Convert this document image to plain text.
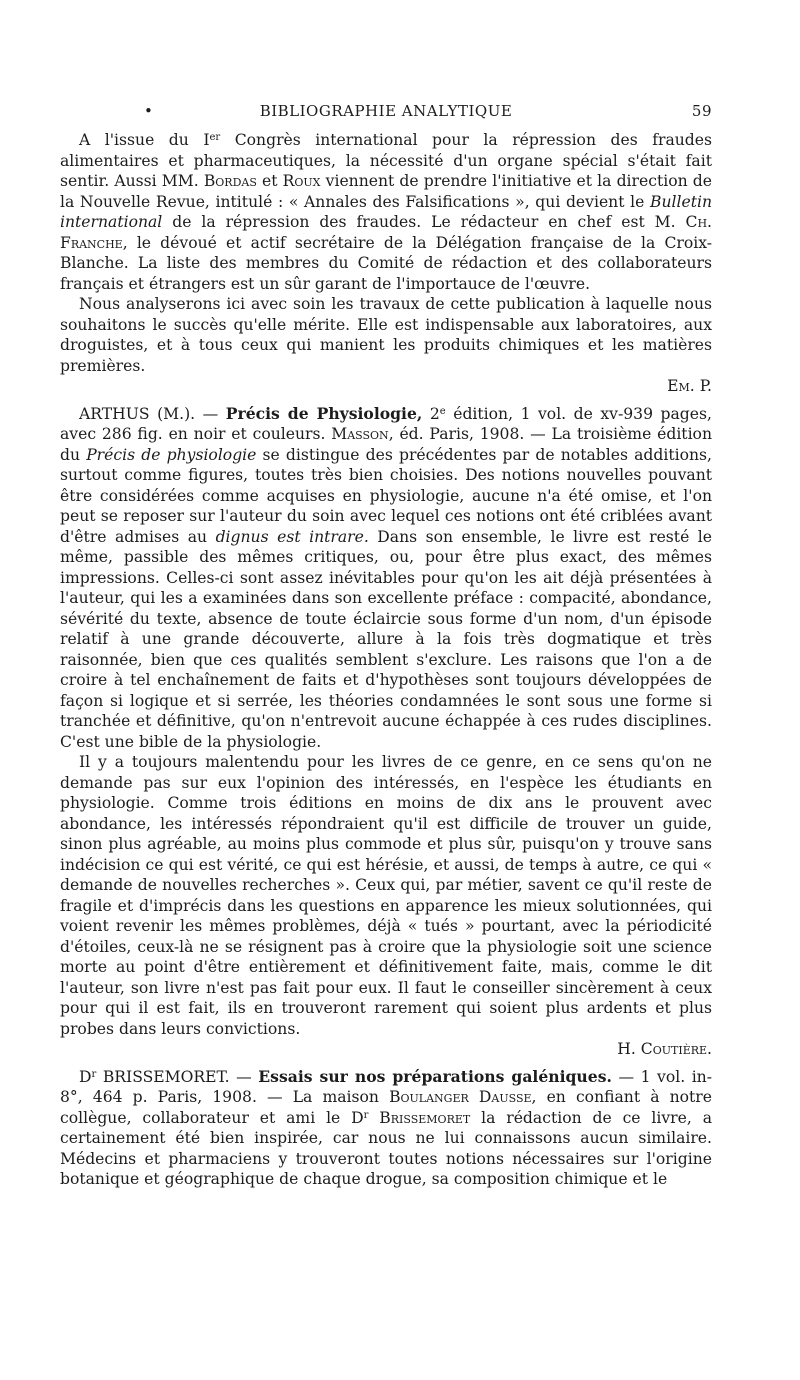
•	BIBLIOGRAPHIE ANALYTIQUE	59

A l'issue du Ier Congrès international pour la répression des fraudes alimentaires et pharmaceutiques, la nécessité d'un organe spécial s'était fait sentir. Aussi MM. Bordas et Roux viennent de prendre l'initiative et la direction de la Nouvelle Revue, intitulé : « Annales des Falsifications », qui devient le Bulletin international de la répression des fraudes. Le rédacteur en chef est M. Ch. Franche, le dévoué et actif secrétaire de la Délégation française de la Croix-Blanche. La liste des membres du Comité de rédaction et des collaborateurs français et étrangers est un sûr garant de l'importauce de l'œuvre.

Nous analyserons ici avec soin les travaux de cette publication à laquelle nous souhaitons le succès qu'elle mérite. Elle est indispensable aux laboratoires, aux droguistes, et à tous ceux qui manient les produits chimiques et les matières premières.

Em. P.

ARTHUS (M.). — Précis de Physiologie, 2e édition, 1 vol. de xv-939 pages, avec 286 fig. en noir et couleurs. Masson, éd. Paris, 1908. — La troisième édition du Précis de physiologie se distingue des précédentes par de notables additions, surtout comme figures, toutes très bien choisies. Des notions nouvelles pouvant être considérées comme acquises en physiologie, aucune n'a été omise, et l'on peut se reposer sur l'auteur du soin avec lequel ces notions ont été criblées avant d'être admises au dignus est intrare. Dans son ensemble, le livre est resté le même, passible des mêmes critiques, ou, pour être plus exact, des mêmes impressions. Celles-ci sont assez inévitables pour qu'on les ait déjà présentées à l'auteur, qui les a examinées dans son excellente préface : compacité, abondance, sévérité du texte, absence de toute éclaircie sous forme d'un nom, d'un épisode relatif à une grande découverte, allure à la fois très dogmatique et très raisonnée, bien que ces qualités semblent s'exclure. Les raisons que l'on a de croire à tel enchaînement de faits et d'hypothèses sont toujours développées de façon si logique et si serrée, les théories condamnées le sont sous une forme si tranchée et définitive, qu'on n'entrevoit aucune échappée à ces rudes disciplines. C'est une bible de la physiologie.

Il y a toujours malentendu pour les livres de ce genre, en ce sens qu'on ne demande pas sur eux l'opinion des intéressés, en l'espèce les étudiants en physiologie. Comme trois éditions en moins de dix ans le prouvent avec abondance, les intéressés répondraient qu'il est difficile de trouver un guide, sinon plus agréable, au moins plus commode et plus sûr, puisqu'on y trouve sans indécision ce qui est vérité, ce qui est hérésie, et aussi, de temps à autre, ce qui « demande de nouvelles recherches ». Ceux qui, par métier, savent ce qu'il reste de fragile et d'imprécis dans les questions en apparence les mieux solutionnées, qui voient revenir les mêmes problèmes, déjà « tués » pourtant, avec la périodicité d'étoiles, ceux-là ne se résignent pas à croire que la physiologie soit une science morte au point d'être entièrement et définitivement faite, mais, comme le dit l'auteur, son livre n'est pas fait pour eux. Il faut le conseiller sincèrement à ceux pour qui il est fait, ils en trouveront rarement qui soient plus ardents et plus probes dans leurs convictions.

H. Coutière.

$D^r$ BRISSEMORET. — Essais sur nos préparations galéniques. — 1 vol. in-8°, 464 p. Paris, 1908. — La maison Boulanger Dausse, en confiant à notre collègue, collaborateur et ami le $D^r$ Brissemoret la rédaction de ce livre, a certainement été bien inspirée, car nous ne lui connaissons aucun similaire. Médecins et pharmaciens y trouveront toutes notions nécessaires sur l'origine botanique et géographique de chaque drogue, sa composition chimique et le
